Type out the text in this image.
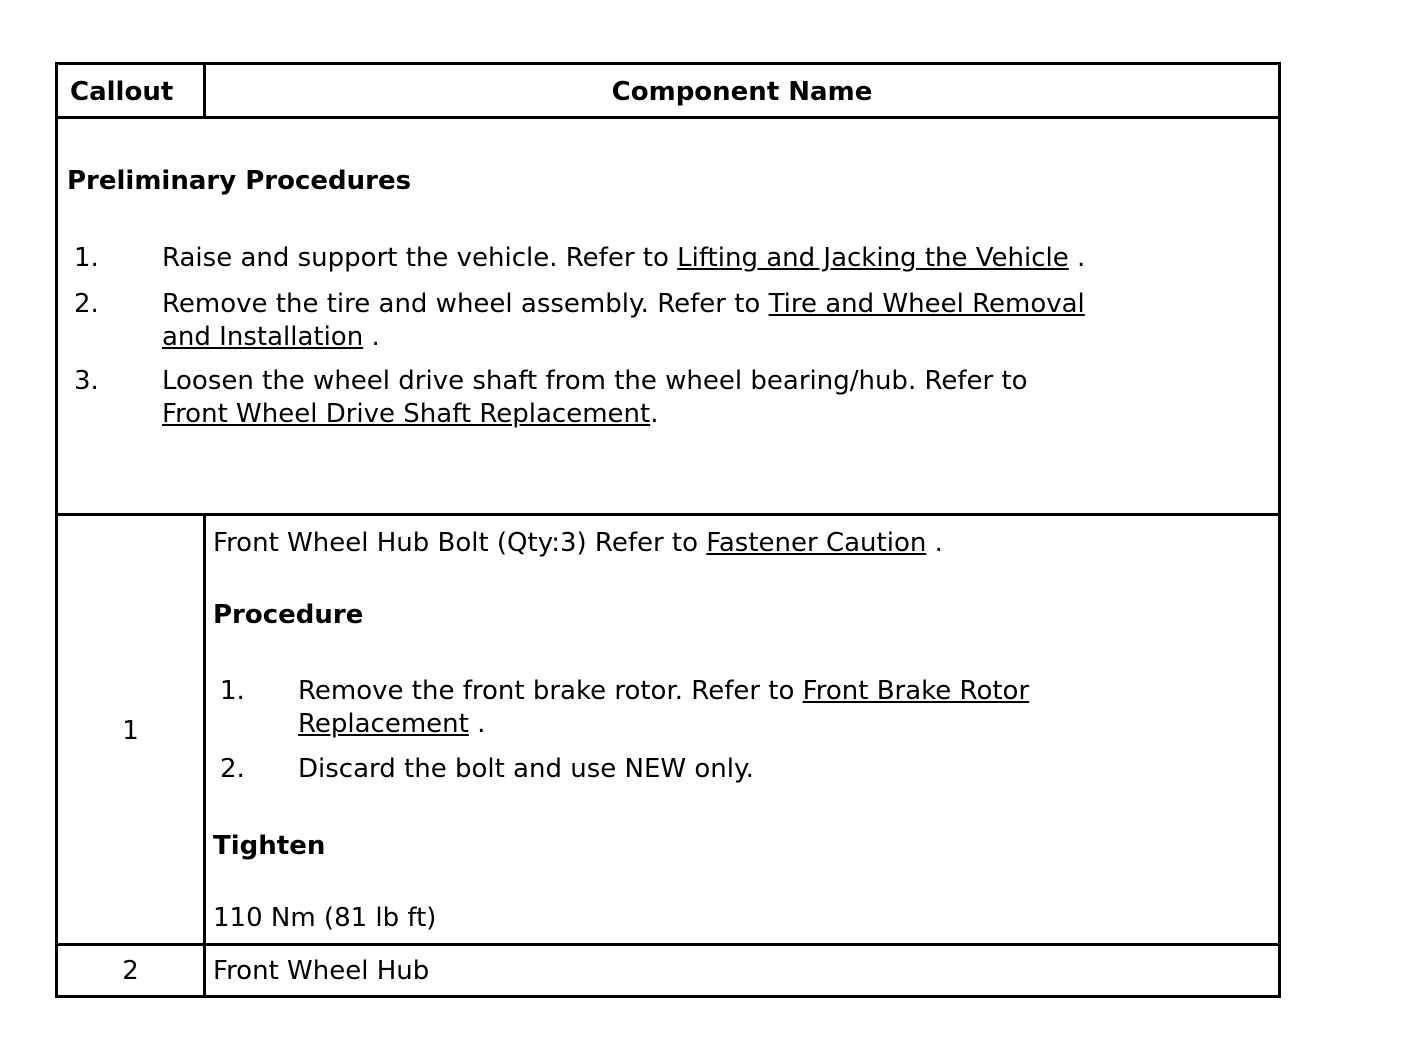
Callout	Component Name
Preliminary Procedures
1. Raise and support the vehicle. Refer to Lifting and Jacking the Vehicle .
2. Remove the tire and wheel assembly. Refer to Tire and Wheel Removal
and Installation .
3. Loosen the wheel drive shaft from the wheel bearing/hub. Refer to
Front Wheel Drive Shaft Replacement.
1
Front Wheel Hub Bolt (Qty:3) Refer to Fastener Caution .
Procedure
1. Remove the front brake rotor. Refer to Front Brake Rotor
Replacement .
2. Discard the bolt and use NEW only.
Tighten
110 Nm (81 lb ft)
2	Front Wheel Hub
